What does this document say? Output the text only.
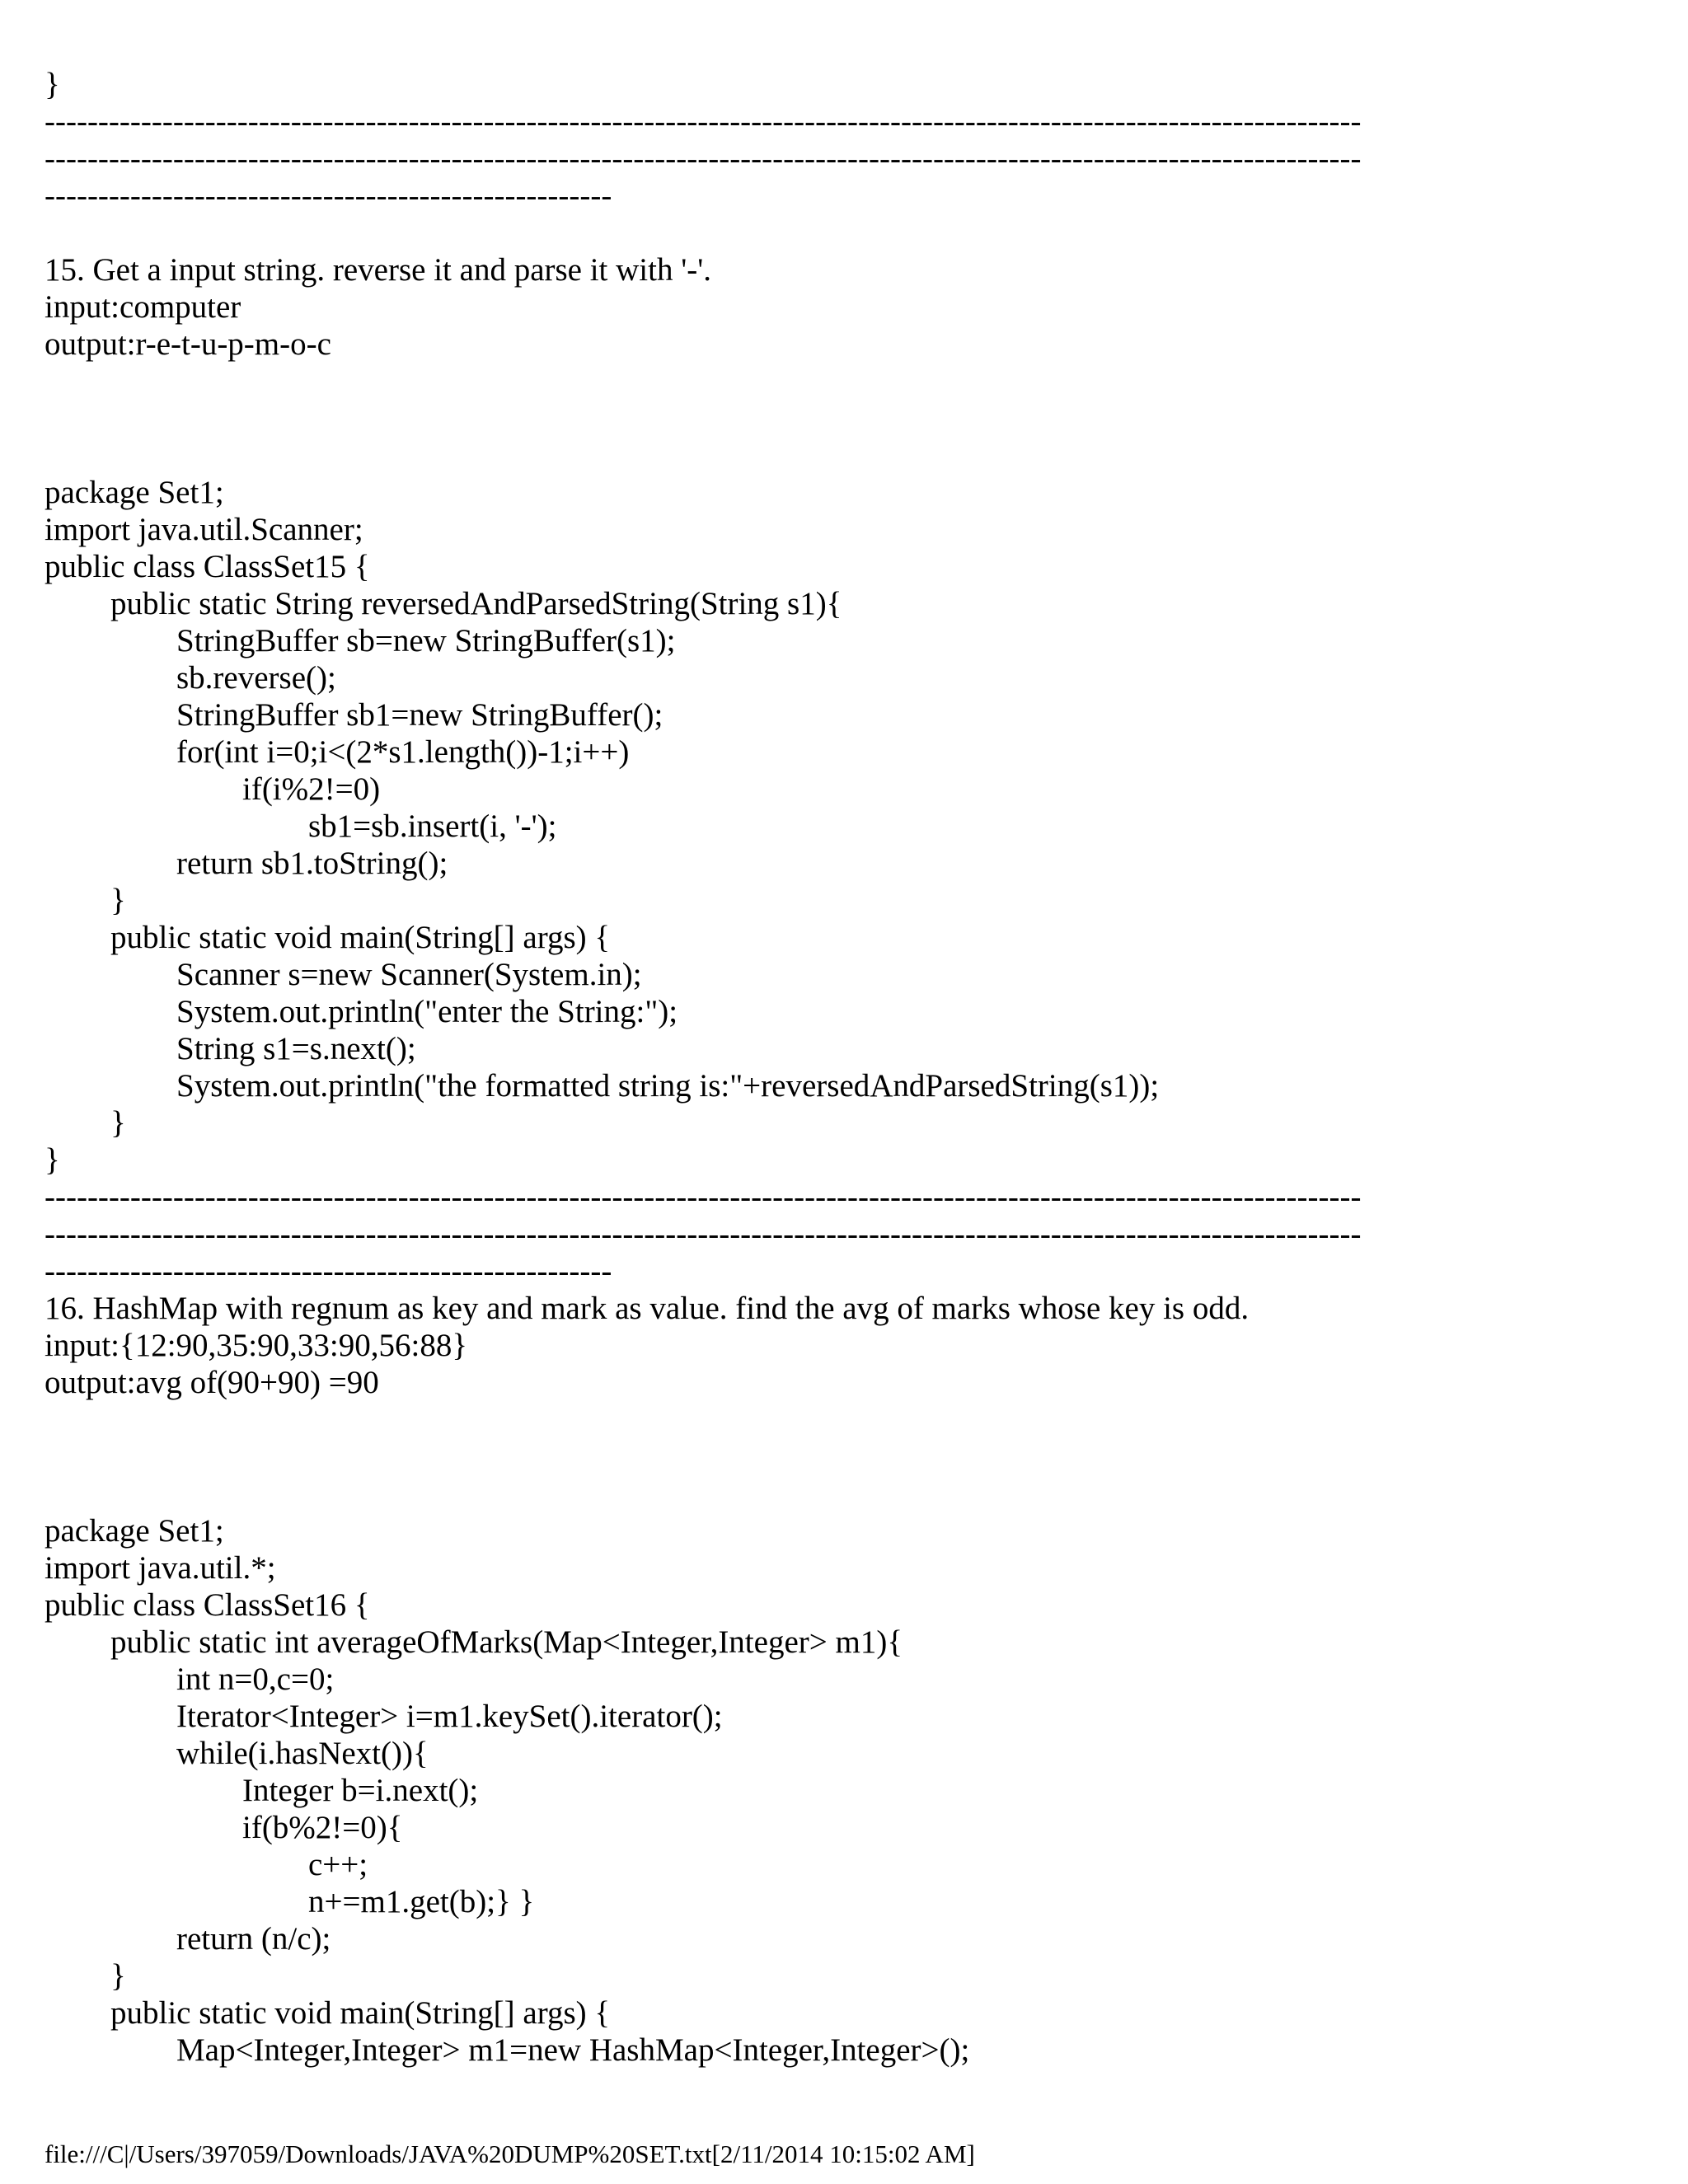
}
---------------------------------------------------------------------------------------------------------------------------
---------------------------------------------------------------------------------------------------------------------------
-----------------------------------------------------
15. Get a input string. reverse it and parse it with '-'.
input:computer
output:r-e-t-u-p-m-o-c
package Set1;
import java.util.Scanner;
public class ClassSet15 {
public static String reversedAndParsedString(String s1){
StringBuffer sb=new StringBuffer(s1);
sb.reverse();
StringBuffer sb1=new StringBuffer();
for(int i=0;i<(2*s1.length())-1;i++)
if(i%2!=0)
sb1=sb.insert(i, '-');
return sb1.toString();
}
public static void main(String[] args) {
Scanner s=new Scanner(System.in);
System.out.println("enter the String:");
String s1=s.next();
System.out.println("the formatted string is:"+reversedAndParsedString(s1));
}
}
---------------------------------------------------------------------------------------------------------------------------
---------------------------------------------------------------------------------------------------------------------------
-----------------------------------------------------
16. HashMap with regnum as key and mark as value. find the avg of marks whose key is odd.
input:{12:90,35:90,33:90,56:88}
output:avg of(90+90) =90
package Set1;
import java.util.*;
public class ClassSet16 {
public static int averageOfMarks(Map<Integer,Integer> m1){
int n=0,c=0;
Iterator<Integer> i=m1.keySet().iterator();
while(i.hasNext()){
Integer b=i.next();
if(b%2!=0){
c++;
n+=m1.get(b);} }
return (n/c);
}
public static void main(String[] args) {
Map<Integer,Integer> m1=new HashMap<Integer,Integer>();
file:///C|/Users/397059/Downloads/JAVA%20DUMP%20SET.txt[2/11/2014 10:15:02 AM]
